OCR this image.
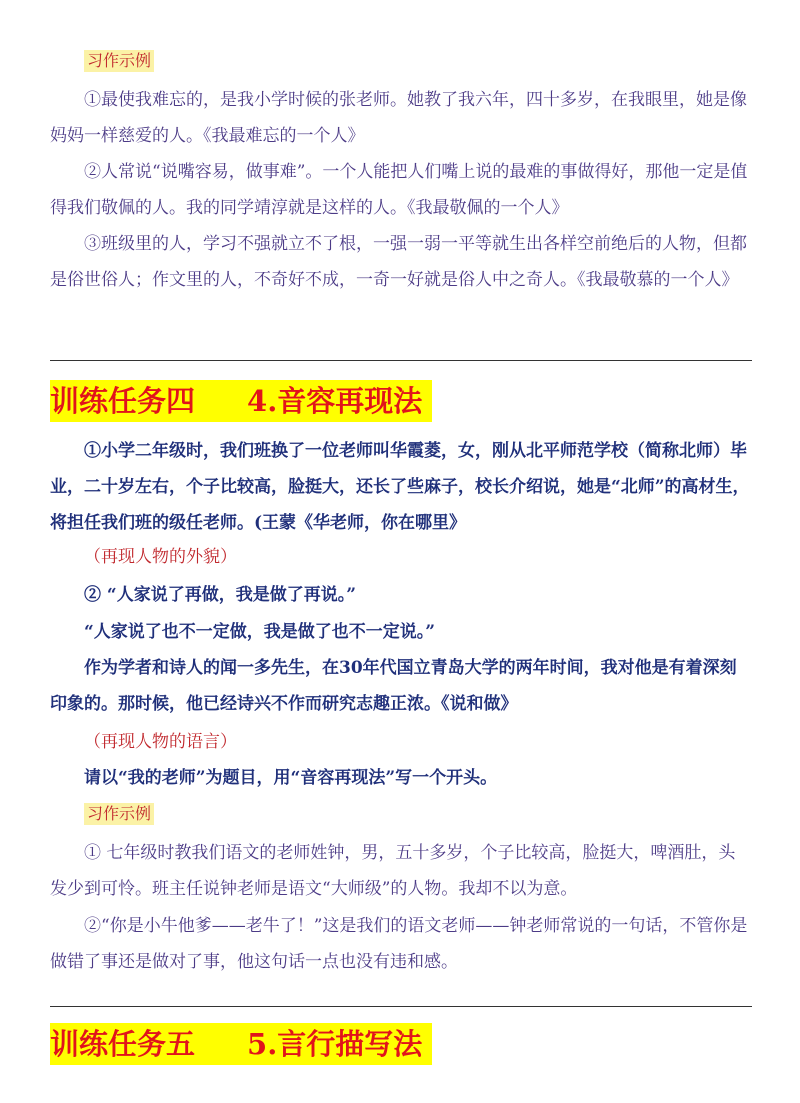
习作示例

①最使我难忘的，是我小学时候的张老师。她教了我六年，四十多岁，在我眼里，她是像妈妈一样慈爱的人。《我最难忘的一个人》

②人常说“说嘴容易，做事难”。一个人能把人们嘴上说的最难的事做得好，那他一定是值得我们敬佩的人。我的同学靖淳就是这样的人。《我最敬佩的一个人》

③班级里的人，学习不强就立不了根，一强一弱一平等就生出各样空前绝后的人物，但都是俗世俗人；作文里的人，不奇好不成，一奇一好就是俗人中之奇人。《我最敬慕的一个人》

训练任务四 4.音容再现法

①小学二年级时，我们班换了一位老师叫华霞菱，女，刚从北平师范学校（简称北师）毕业，二十岁左右，个子比较高，脸挺大，还长了些麻子，校长介绍说，她是“北师”的高材生，将担任我们班的级任老师。(王蒙《华老师，你在哪里》

（再现人物的外貌）

② “人家说了再做，我是做了再说。”

“人家说了也不一定做，我是做了也不一定说。”

作为学者和诗人的闻一多先生，在30年代国立青岛大学的两年时间，我对他是有着深刻印象的。那时候，他已经诗兴不作而研究志趣正浓。《说和做》

（再现人物的语言）

请以“我的老师”为题目，用“音容再现法”写一个开头。

习作示例

① 七年级时教我们语文的老师姓钟，男，五十多岁，个子比较高，脸挺大，啤酒肚，头发少到可怜。班主任说钟老师是语文“大师级”的人物。我却不以为意。

②“你是小牛他爹——老牛了！”这是我们的语文老师——钟老师常说的一句话，不管你是做错了事还是做对了事，他这句话一点也没有违和感。

训练任务五 5.言行描写法
